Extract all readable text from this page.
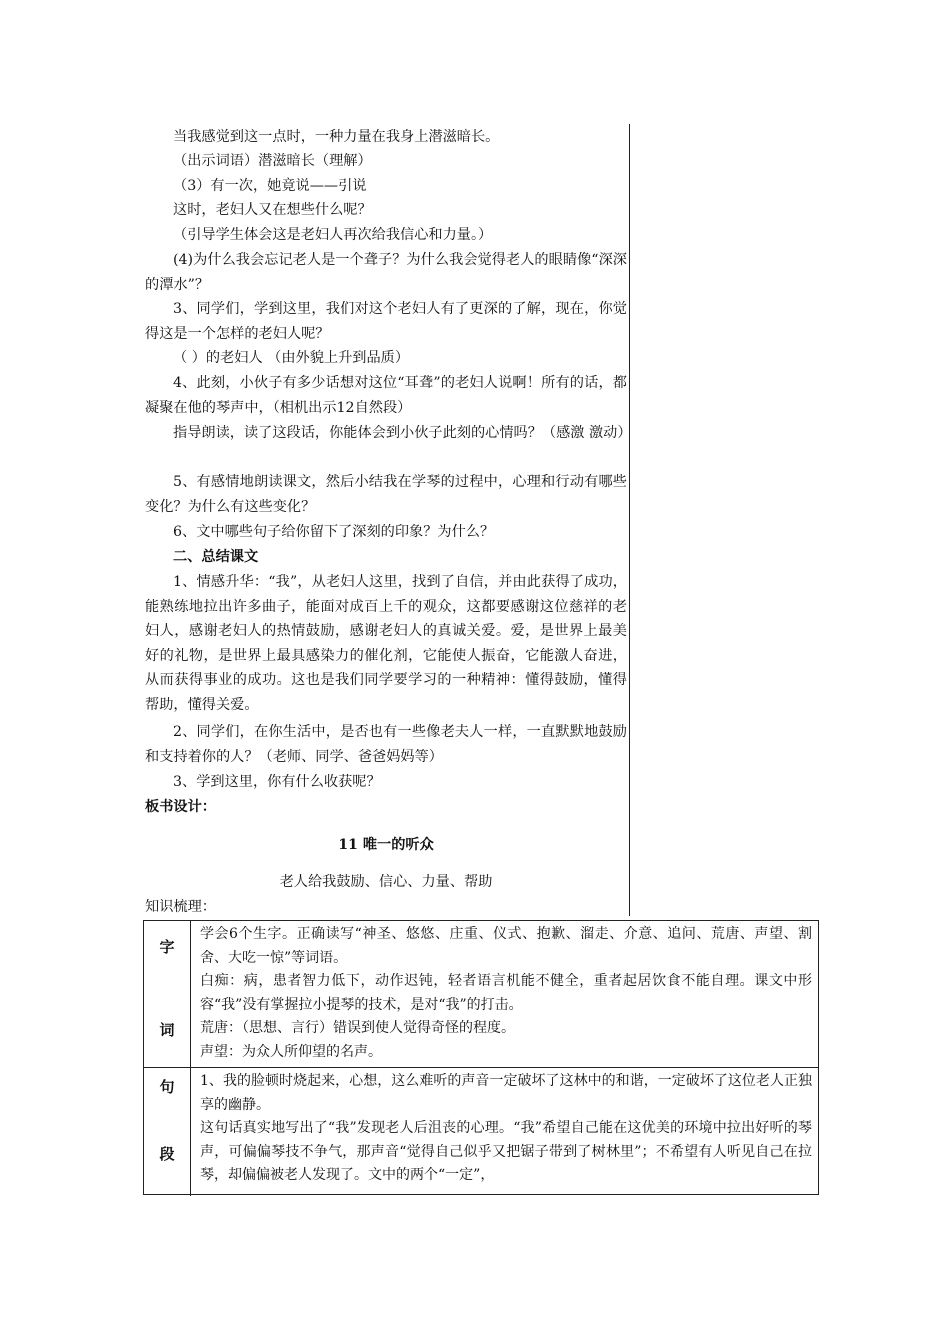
当我感觉到这一点时，一种力量在我身上潜滋暗长。

（出示词语）潜滋暗长（理解）

（3）有一次，她竟说——引说

这时，老妇人又在想些什么呢？

（引导学生体会这是老妇人再次给我信心和力量。）

(4)为什么我会忘记老人是一个聋子？为什么我会觉得老人的眼睛像“深深的潭水”？

3、同学们，学到这里，我们对这个老妇人有了更深的了解，现在，你觉得这是一个怎样的老妇人呢？

（ ）的老妇人 （由外貌上升到品质）

4、此刻，小伙子有多少话想对这位“耳聋”的老妇人说啊！所有的话，都凝聚在他的琴声中，（相机出示12自然段）

指导朗读，读了这段话，你能体会到小伙子此刻的心情吗？（感激 激动）

5、有感情地朗读课文，然后小结我在学琴的过程中，心理和行动有哪些变化？为什么有这些变化？

6、文中哪些句子给你留下了深刻的印象？为什么？

二、总结课文

1、情感升华：“我”，从老妇人这里，找到了自信，并由此获得了成功，能熟练地拉出许多曲子，能面对成百上千的观众，这都要感谢这位慈祥的老妇人，感谢老妇人的热情鼓励，感谢老妇人的真诚关爱。爱，是世界上最美好的礼物，是世界上最具感染力的催化剂，它能使人振奋，它能激人奋进，从而获得事业的成功。这也是我们同学要学习的一种精神：懂得鼓励，懂得帮助，懂得关爱。

2、同学们，在你生活中，是否也有一些像老夫人一样，一直默默地鼓励和支持着你的人？（老师、同学、爸爸妈妈等）

3、学到这里，你有什么收获呢？

板书设计：

11 唯一的听众

老人给我鼓励、信心、力量、帮助

知识梳理：

字
词

学会6个生字。正确读写“神圣、悠悠、庄重、仪式、抱歉、溜走、介意、追问、荒唐、声望、割舍、大吃一惊”等词语。

白痴：病，患者智力低下，动作迟钝，轻者语言机能不健全，重者起居饮食不能自理。课文中形容“我”没有掌握拉小提琴的技术，是对“我”的打击。

荒唐：（思想、言行）错误到使人觉得奇怪的程度。

声望：为众人所仰望的名声。

句
段

1、我的脸顿时烧起来，心想，这么难听的声音一定破坏了这林中的和谐，一定破坏了这位老人正独享的幽静。

这句话真实地写出了“我”发现老人后沮丧的心理。“我”希望自己能在这优美的环境中拉出好听的琴声，可偏偏琴技不争气，那声音“觉得自己似乎又把锯子带到了树林里”；不希望有人听见自己在拉琴，却偏偏被老人发现了。文中的两个“一定”，
